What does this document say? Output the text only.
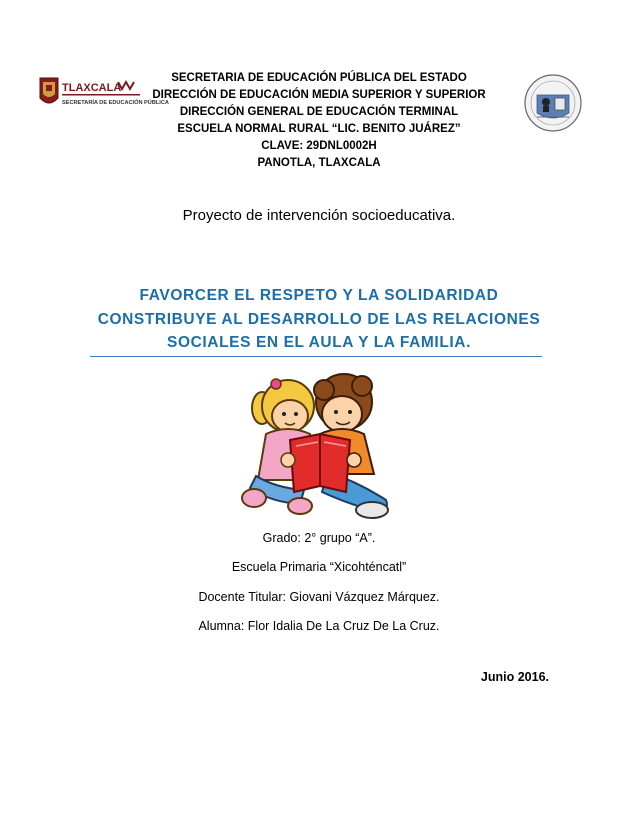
TLAXCALA
SECRETARÍA DE EDUCACIÓN PÚBLICA
SECRETARIA DE EDUCACIÓN PÚBLICA DEL ESTADO
DIRECCIÓN DE EDUCACIÓN MEDIA SUPERIOR Y SUPERIOR
DIRECCIÓN GENERAL DE EDUCACIÓN TERMINAL
ESCUELA NORMAL RURAL “LIC. BENITO JUÁREZ”
CLAVE: 29DNL0002H
PANOTLA, TLAXCALA
Proyecto de intervención socioeducativa.
FAVORCER EL RESPETO Y LA SOLIDARIDAD
CONSTRIBUYE AL DESARROLLO DE LAS RELACIONES
SOCIALES EN EL AULA Y LA FAMILIA.
Grado: 2° grupo “A”.
Escuela Primaria “Xicohténcatl”
Docente Titular: Giovani Vázquez Márquez.
Alumna: Flor Idalia De La Cruz De La Cruz.
Junio 2016.
